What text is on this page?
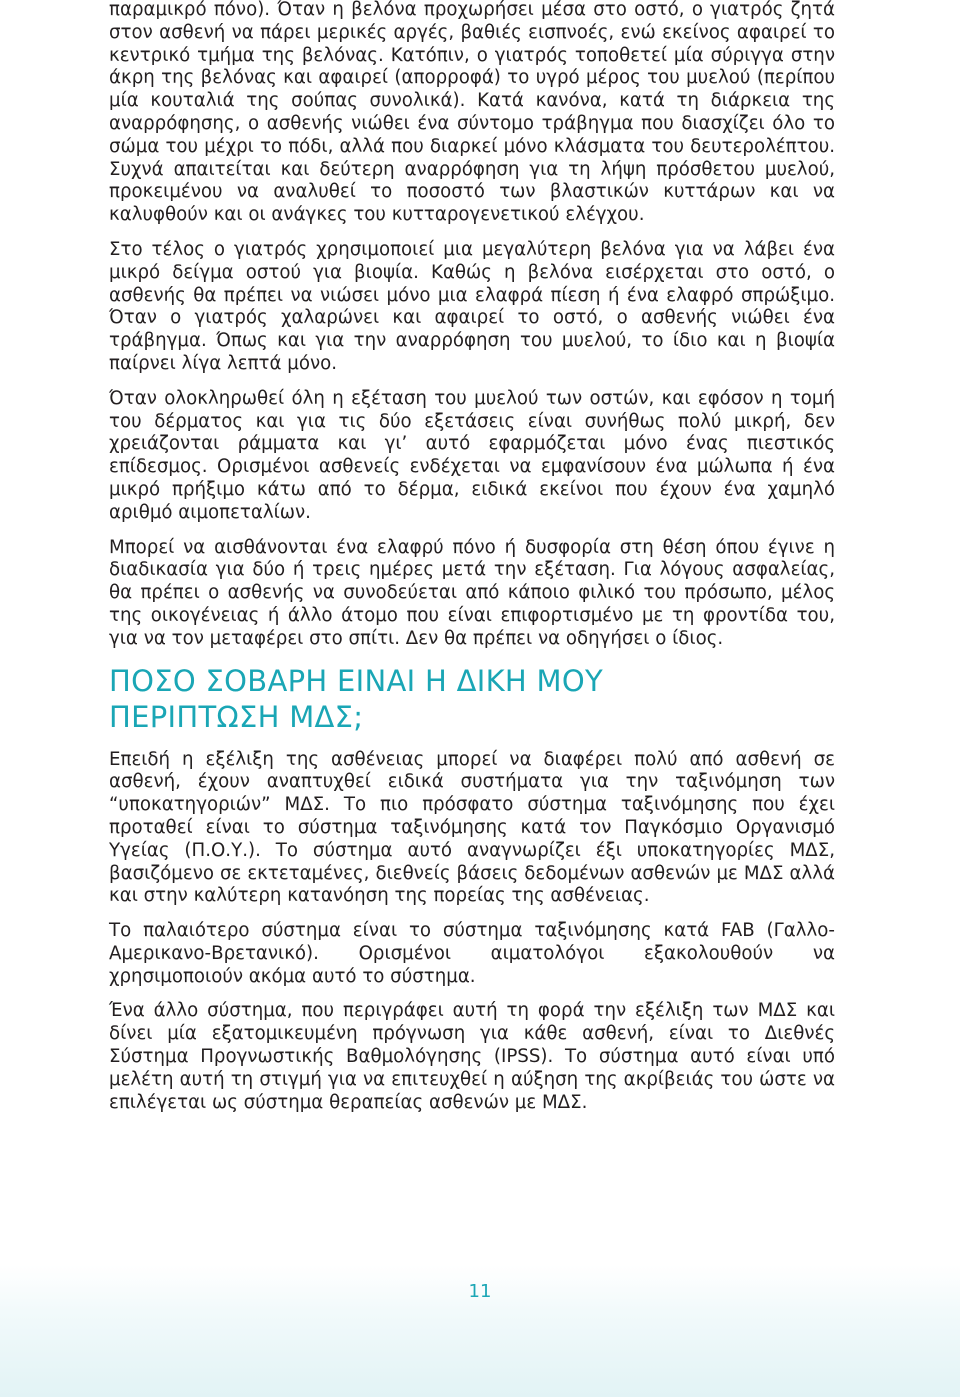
παραμικρό πόνο). Όταν η βελόνα προχωρήσει μέσα στο οστό, ο γιατρός ζητά στον ασθενή να πάρει μερικές αργές, βαθιές εισπνοές, ενώ εκείνος αφαιρεί το κεντρικό τμήμα της βελόνας. Κατόπιν, ο γιατρός τοποθετεί μία σύριγγα στην άκρη της βελόνας και αφαιρεί (απορροφά) το υγρό μέρος του μυελού (περίπου μία κουταλιά της σούπας συνολικά). Κατά κανόνα, κατά τη διάρκεια της αναρρόφησης, ο ασθενής νιώθει ένα σύντομο τράβηγμα που διασχίζει όλο το σώμα του μέχρι το πόδι, αλλά που διαρκεί μόνο κλάσματα του δευτερολέπτου. Συχνά απαιτείται και δεύτερη αναρρόφηση για τη λήψη πρόσθετου μυελού, προκειμένου να αναλυθεί το ποσοστό των βλαστικών κυττάρων και να καλυφθούν και οι ανάγκες του κυτταρογενετικού ελέγχου.

Στο τέλος ο γιατρός χρησιμοποιεί μια μεγαλύτερη βελόνα για να λάβει ένα μικρό δείγμα οστού για βιοψία. Καθώς η βελόνα εισέρχεται στο οστό, ο ασθενής θα πρέπει να νιώσει μόνο μια ελαφρά πίεση ή ένα ελαφρό σπρώξιμο. Όταν ο γιατρός χαλαρώνει και αφαιρεί το οστό, ο ασθενής νιώθει ένα τράβηγμα. Όπως και για την αναρρόφηση του μυελού, το ίδιο και η βιοψία παίρνει λίγα λεπτά μόνο.

Όταν ολοκληρωθεί όλη η εξέταση του μυελού των οστών, και εφόσον η τομή του δέρματος και για τις δύο εξετάσεις είναι συνήθως πολύ μικρή, δεν χρειάζονται ράμματα και γι’ αυτό εφαρμόζεται μόνο ένας πιεστικός επίδεσμος. Ορισμένοι ασθενείς ενδέχεται να εμφανίσουν ένα μώλωπα ή ένα μικρό πρήξιμο κάτω από το δέρμα, ειδικά εκείνοι που έχουν ένα χαμηλό αριθμό αιμοπεταλίων.

Μπορεί να αισθάνονται ένα ελαφρύ πόνο ή δυσφορία στη θέση όπου έγινε η διαδικασία για δύο ή τρεις ημέρες μετά την εξέταση. Για λόγους ασφαλείας, θα πρέπει ο ασθενής να συνοδεύεται από κάποιο φιλικό του πρόσωπο, μέλος της οικογένειας ή άλλο άτομο που είναι επιφορτισμένο με τη φροντίδα του, για να τον μεταφέρει στο σπίτι. Δεν θα πρέπει να οδηγήσει ο ίδιος.

ΠΟΣΟ ΣΟΒΑΡΗ ΕΙΝΑΙ Η ΔΙΚΗ ΜΟΥ
ΠΕΡΙΠΤΩΣΗ ΜΔΣ;

Επειδή η εξέλιξη της ασθένειας μπορεί να διαφέρει πολύ από ασθενή σε ασθενή, έχουν αναπτυχθεί ειδικά συστήματα για την ταξινόμηση των “υποκατηγοριών” ΜΔΣ. Το πιο πρόσφατο σύστημα ταξινόμησης που έχει προταθεί είναι το σύστημα ταξινόμησης κατά τον Παγκόσμιο Οργανισμό Υγείας (Π.Ο.Υ.). Το σύστημα αυτό αναγνωρίζει έξι υποκατηγορίες ΜΔΣ, βασιζόμενο σε εκτεταμένες, διεθνείς βάσεις δεδομένων ασθενών με ΜΔΣ αλλά και στην καλύτερη κατανόηση της πορείας της ασθένειας.

Το παλαιότερο σύστημα είναι το σύστημα ταξινόμησης κατά FAB (Γαλλο-Αμερικανο-Βρετανικό). Ορισμένοι αιματολόγοι εξακολουθούν να χρησιμοποιούν ακόμα αυτό το σύστημα.

Ένα άλλο σύστημα, που περιγράφει αυτή τη φορά την εξέλιξη των ΜΔΣ και δίνει μία εξατομικευμένη πρόγνωση για κάθε ασθενή, είναι το Διεθνές Σύστημα Προγνωστικής Βαθμολόγησης (IPSS). Το σύστημα αυτό είναι υπό μελέτη αυτή τη στιγμή για να επιτευχθεί η αύξηση της ακρίβειάς του ώστε να επιλέγεται ως σύστημα θεραπείας ασθενών με ΜΔΣ.

11
